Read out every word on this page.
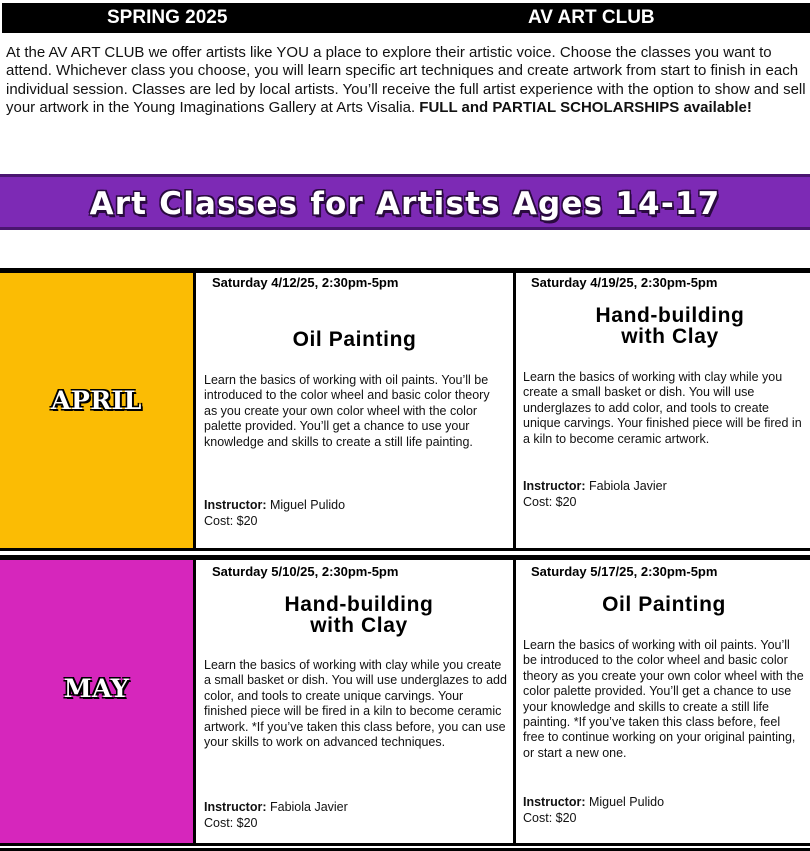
SPRING 2025	AV ART CLUB

At the AV ART CLUB we offer artists like YOU a place to explore their artistic voice. Choose the classes you want to attend. Whichever class you choose, you will learn specific art techniques and create artwork from start to finish in each individual session. Classes are led by local artists. You’ll receive the full artist experience with the option to show and sell your artwork in the Young Imaginations Gallery at Arts Visalia. FULL and PARTIAL SCHOLARSHIPS available!

Art Classes for Artists Ages 14-17
APRIL
Saturday 4/12/25, 2:30pm-5pm
Oil Painting
Learn the basics of working with oil paints. You’ll be introduced to the color wheel and basic color theory as you create your own color wheel with the color palette provided. You’ll get a chance to use your knowledge and skills to create a still life painting.
Instructor: Miguel Pulido
Cost: $20
Saturday 4/19/25, 2:30pm-5pm
Hand-building with Clay
Learn the basics of working with clay while you create a small basket or dish. You will use underglazes to add color, and tools to create unique carvings. Your finished piece will be fired in a kiln to become ceramic artwork.
Instructor: Fabiola Javier
Cost: $20
MAY
Saturday 5/10/25, 2:30pm-5pm
Hand-building with Clay
Learn the basics of working with clay while you create a small basket or dish. You will use underglazes to add color, and tools to create unique carvings. Your finished piece will be fired in a kiln to become ceramic artwork. *If you’ve taken this class before, you can use your skills to work on advanced techniques.
Instructor: Fabiola Javier
Cost: $20
Saturday 5/17/25, 2:30pm-5pm
Oil Painting
Learn the basics of working with oil paints. You’ll be introduced to the color wheel and basic color theory as you create your own color wheel with the color palette provided. You’ll get a chance to use your knowledge and skills to create a still life painting. *If you’ve taken this class before, feel free to continue working on your original painting, or start a new one.
Instructor: Miguel Pulido
Cost: $20
